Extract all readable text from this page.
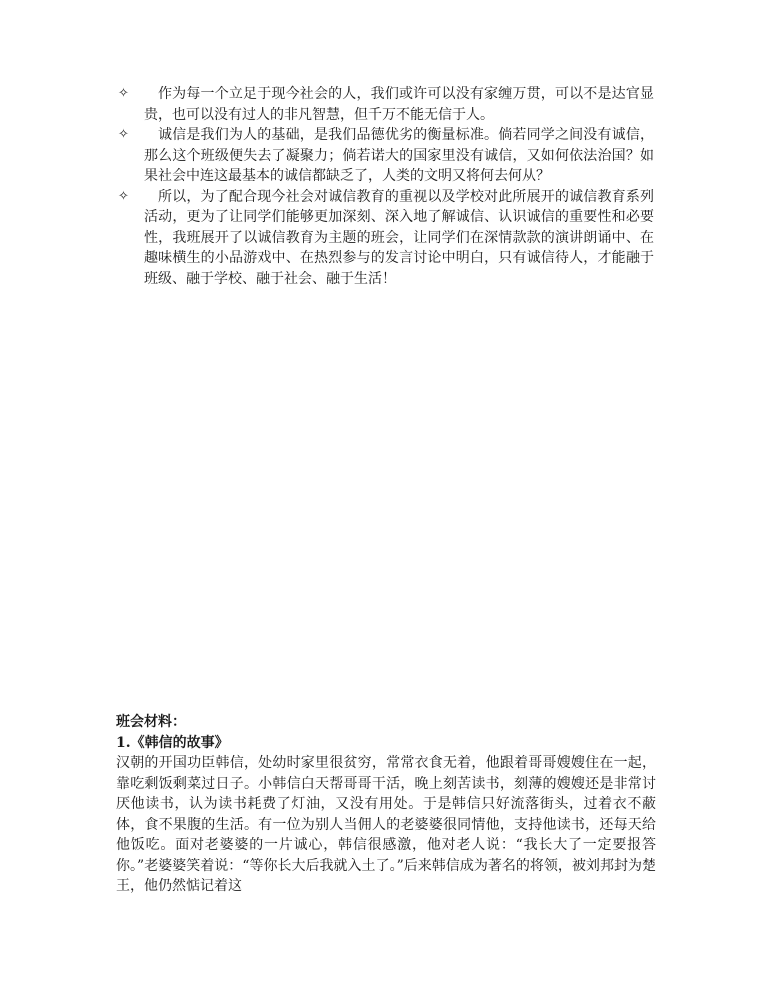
✧	作为每一个立足于现今社会的人，我们或许可以没有家缠万贯，可以不是达官显贵，也可以没有过人的非凡智慧，但千万不能无信于人。
✧	诚信是我们为人的基础，是我们品德优劣的衡量标准。倘若同学之间没有诚信，那么这个班级便失去了凝聚力；倘若诺大的国家里没有诚信，又如何依法治国？如果社会中连这最基本的诚信都缺乏了，人类的文明又将何去何从？
✧	所以，为了配合现今社会对诚信教育的重视以及学校对此所展开的诚信教育系列活动，更为了让同学们能够更加深刻、深入地了解诚信、认识诚信的重要性和必要性，我班展开了以诚信教育为主题的班会，让同学们在深情款款的演讲朗诵中、在趣味横生的小品游戏中、在热烈参与的发言讨论中明白，只有诚信待人，才能融于班级、融于学校、融于社会、融于生活！
班会材料：
1.《韩信的故事》
汉朝的开国功臣韩信，处幼时家里很贫穷，常常衣食无着，他跟着哥哥嫂嫂住在一起，靠吃剩饭剩菜过日子。小韩信白天帮哥哥干活，晚上刻苦读书，刻薄的嫂嫂还是非常讨厌他读书，认为读书耗费了灯油，又没有用处。于是韩信只好流落街头，过着衣不蔽体，食不果腹的生活。有一位为别人当佣人的老婆婆很同情他，支持他读书，还每天给他饭吃。面对老婆婆的一片诚心，韩信很感激，他对老人说：“我长大了一定要报答你。”老婆婆笑着说：“等你长大后我就入土了。”后来韩信成为著名的将领，被刘邦封为楚王，他仍然惦记着这
